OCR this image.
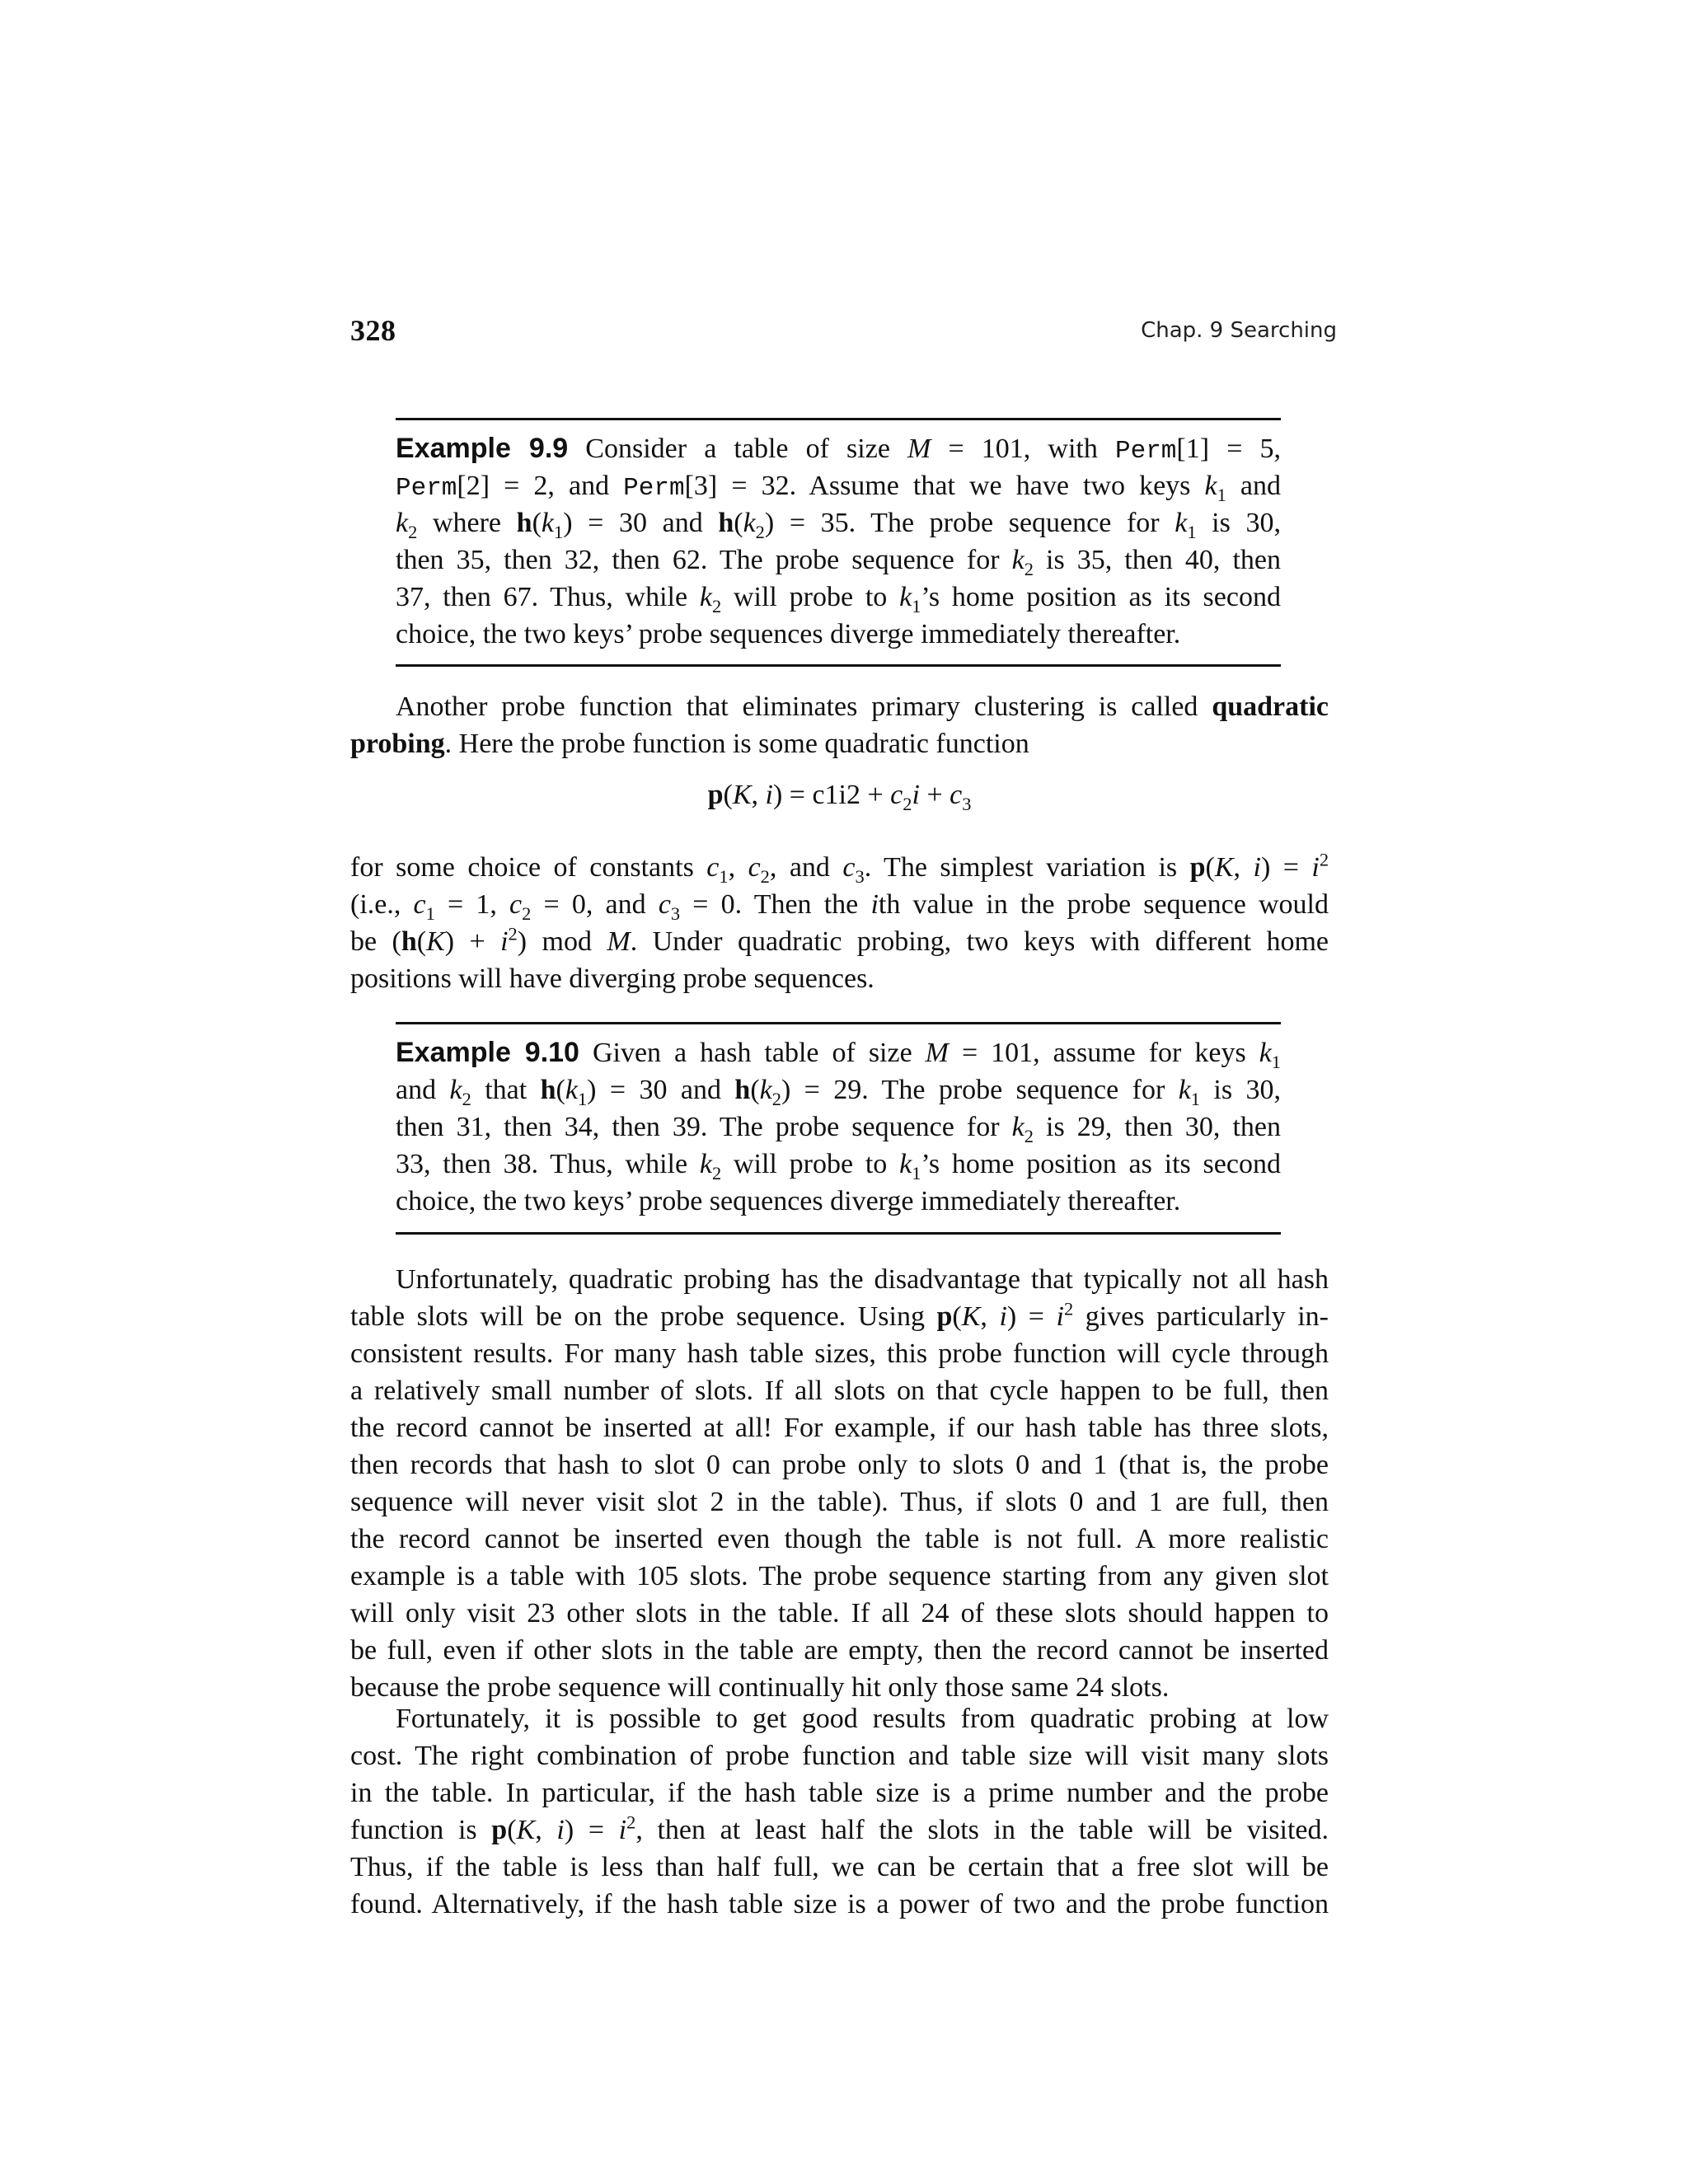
328	Chap. 9 Searching
Example 9.9 Consider a table of size M = 101, with Perm[1] = 5,
Perm[2] = 2, and Perm[3] = 32. Assume that we have two keys $k_1$ and
$k_2$ where $h(k_1) = 30$ and $h(k_2) = 35$. The probe sequence for $k_1$ is 30,
then 35, then 32, then 62. The probe sequence for $k_2$ is 35, then 40, then
37, then 67. Thus, while $k_2$ will probe to $k_1’s$ home position as its second
choice, the two keys’ probe sequences diverge immediately thereafter.
Another probe function that eliminates primary clustering is called quadratic
probing. Here the probe function is some quadratic function
p(K, $i) = c1i2 + c_2i + c_3$
for some choice of constants $c_1$, $c_2$, and $c_3$. The simplest variation is p(K, $i) = i^2$
(i.e., $c_1 = 1$, $c_2 = 0$, and $c_3 = 0$. Then the ith value in the probe sequence would
be $(h(K) + i^2)$ mod M. Under quadratic probing, two keys with different home
positions will have diverging probe sequences.
Example 9.10 Given a hash table of size M = 101, assume for keys $k_1$
and $k_2$ that $h(k_1) = 30$ and $h(k_2) = 29$. The probe sequence for $k_1$ is 30,
then 31, then 34, then 39. The probe sequence for $k_2$ is 29, then 30, then
33, then 38. Thus, while $k_2$ will probe to $k_1’s$ home position as its second
choice, the two keys’ probe sequences diverge immediately thereafter.
Unfortunately, quadratic probing has the disadvantage that typically not all hash
table slots will be on the probe sequence. Using p(K, $i) = i^2$ gives particularly in-
consistent results. For many hash table sizes, this probe function will cycle through
a relatively small number of slots. If all slots on that cycle happen to be full, then
the record cannot be inserted at all! For example, if our hash table has three slots,
then records that hash to slot 0 can probe only to slots 0 and 1 (that is, the probe
sequence will never visit slot 2 in the table). Thus, if slots 0 and 1 are full, then
the record cannot be inserted even though the table is not full. A more realistic
example is a table with 105 slots. The probe sequence starting from any given slot
will only visit 23 other slots in the table. If all 24 of these slots should happen to
be full, even if other slots in the table are empty, then the record cannot be inserted
because the probe sequence will continually hit only those same 24 slots.
Fortunately, it is possible to get good results from quadratic probing at low
cost. The right combination of probe function and table size will visit many slots
in the table. In particular, if the hash table size is a prime number and the probe
function is p(K, $i) = i^2$, then at least half the slots in the table will be visited.
Thus, if the table is less than half full, we can be certain that a free slot will be
found. Alternatively, if the hash table size is a power of two and the probe function
